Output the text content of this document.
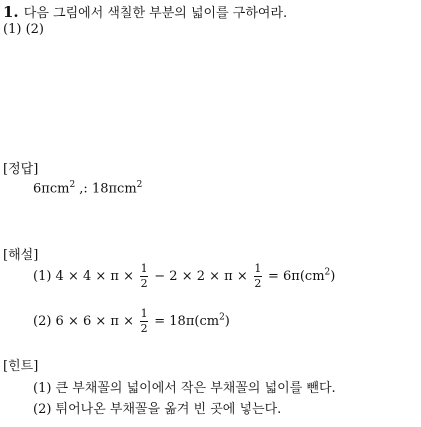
1. 다음 그림에서 색칠한 부분의 넓이를 구하여라.
(1) (2)
[정답]
6πcm$^2$ ,: 18πcm$^2$
[해설]
(1) $4 \times 4 \times \pi \times \frac{1}{2} - 2 \times 2 \times \pi \times \frac{1}{2} = 6\pi(cm^2)$
(2) $6 \times 6 \times \pi \times \frac{1}{2} = 18\pi(cm^2)$
[힌트]
(1) 큰 부채꼴의 넓이에서 작은 부채꼴의 넓이를 뺀다.
(2) 튀어나온 부채꼴을 옮겨 빈 곳에 넣는다.
